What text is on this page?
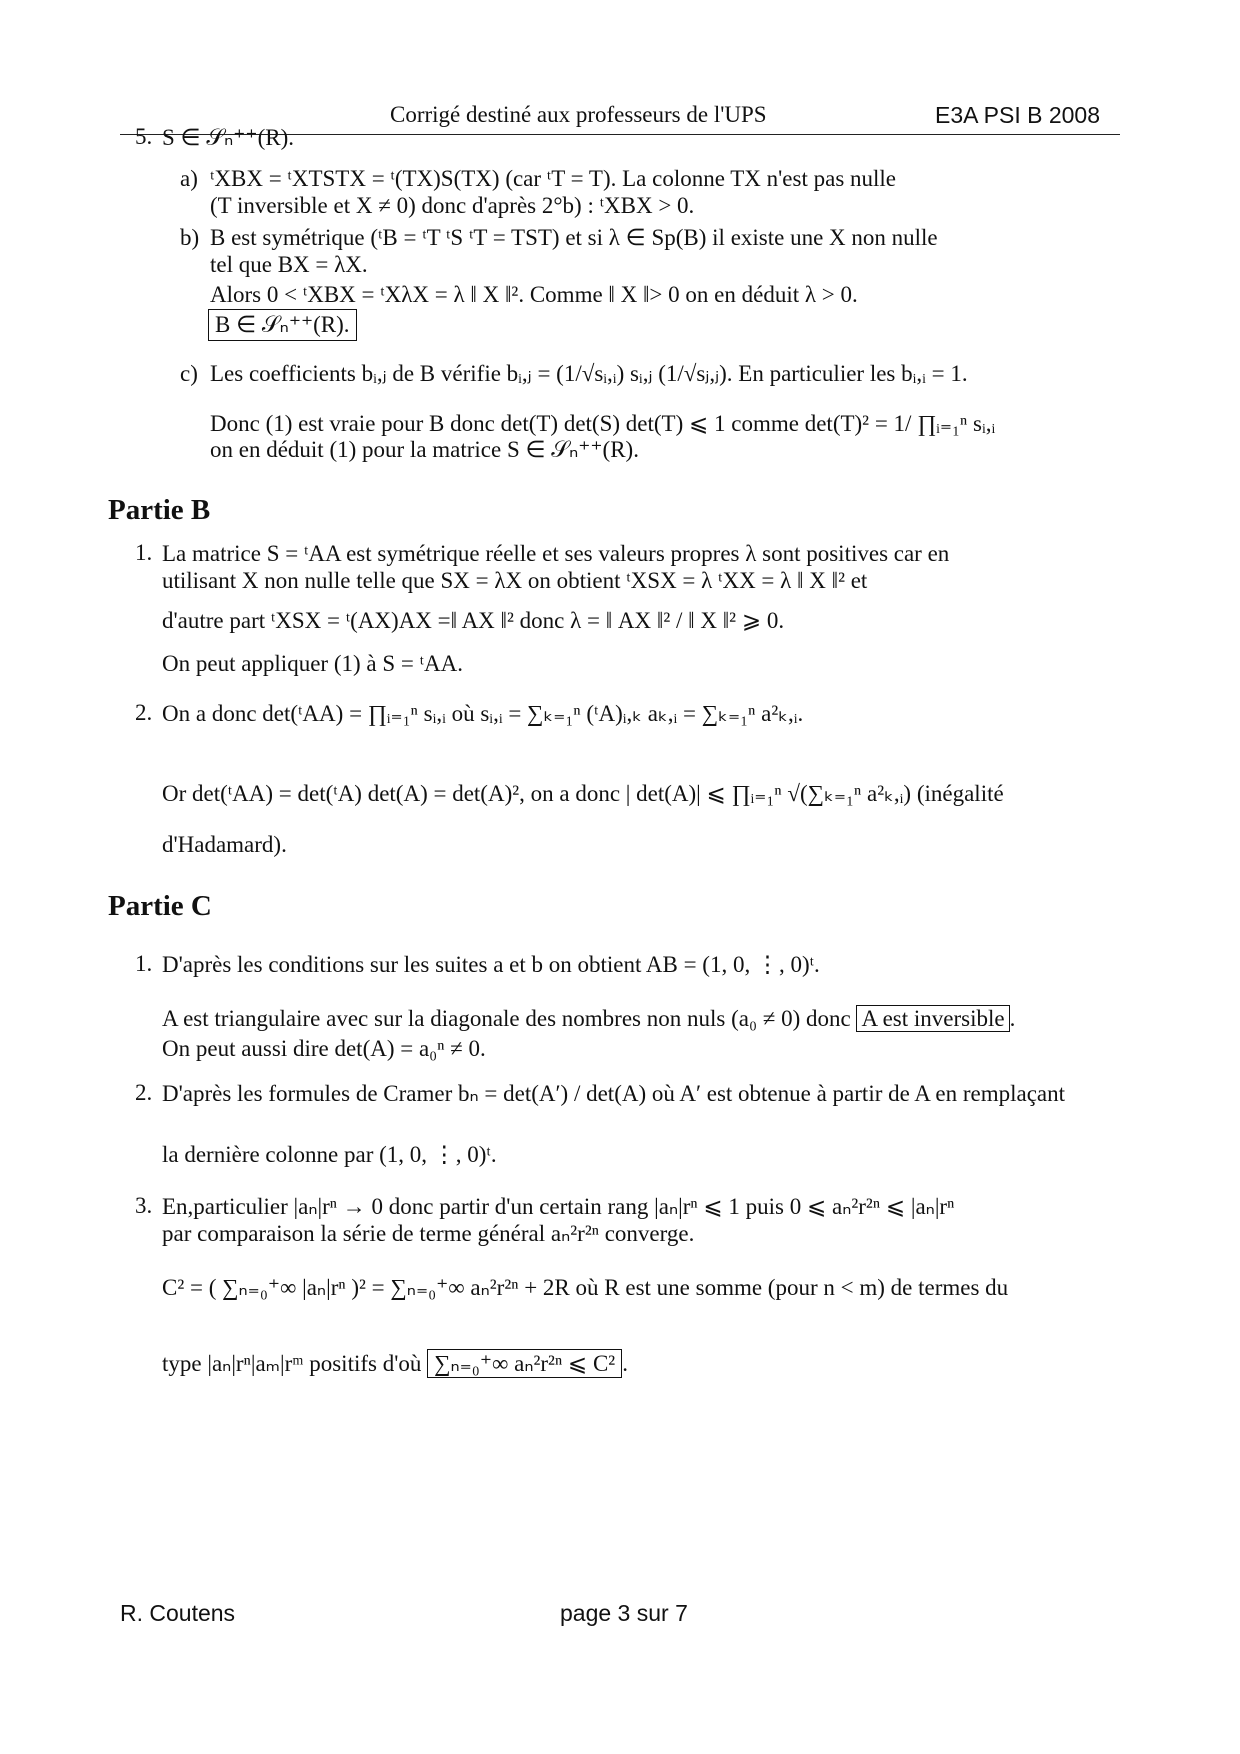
Corrigé destiné aux professeurs de l'UPS	E3A PSI B 2008
5. S ∈ 𝒮ₙ⁺⁺(R).
a) ᵗXBX = ᵗXTSTX = ᵗ(TX)S(TX) (car ᵗT = T). La colonne TX n'est pas nulle
(T inversible et X ≠ 0) donc d'après 2°b) : ᵗXBX > 0.
b) B est symétrique (ᵗB = ᵗT ᵗS ᵗT = TST) et si λ ∈ Sp(B) il existe une X non nulle
tel que BX = λX.
Alors 0 < ᵗXBX = ᵗXλX = λ ‖ X ‖². Comme ‖ X ‖> 0 on en déduit λ > 0.
B ∈ 𝒮ₙ⁺⁺(R).
c) Les coefficients bᵢ,ⱼ de B vérifie bᵢ,ⱼ = (1/√sᵢ,ᵢ) sᵢ,ⱼ (1/√sⱼ,ⱼ). En particulier les bᵢ,ᵢ = 1.
Donc (1) est vraie pour B donc det(T) det(S) det(T) ⩽ 1 comme det(T)² = 1/ ∏ᵢ₌₁ⁿ sᵢ,ᵢ
on en déduit (1) pour la matrice S ∈ 𝒮ₙ⁺⁺(R).
Partie B
1. La matrice S = ᵗAA est symétrique réelle et ses valeurs propres λ sont positives car en
utilisant X non nulle telle que SX = λX on obtient ᵗXSX = λ ᵗXX = λ ‖ X ‖² et
d'autre part ᵗXSX = ᵗ(AX)AX =‖ AX ‖² donc λ = ‖ AX ‖² / ‖ X ‖² ⩾ 0.
On peut appliquer (1) à S = ᵗAA.
2. On a donc det(ᵗAA) = ∏ᵢ₌₁ⁿ sᵢ,ᵢ où sᵢ,ᵢ = ∑ₖ₌₁ⁿ (ᵗA)ᵢ,ₖ aₖ,ᵢ = ∑ₖ₌₁ⁿ a²ₖ,ᵢ.
Or det(ᵗAA) = det(ᵗA) det(A) = det(A)², on a donc | det(A)| ⩽ ∏ᵢ₌₁ⁿ √(∑ₖ₌₁ⁿ a²ₖ,ᵢ) (inégalité
d'Hadamard).
Partie C
1. D'après les conditions sur les suites a et b on obtient AB = (1, 0, ⋮, 0)ᵗ.
A est triangulaire avec sur la diagonale des nombres non nuls (a₀ ≠ 0) donc A est inversible .
On peut aussi dire det(A) = a₀ⁿ ≠ 0.
2. D'après les formules de Cramer bₙ = det(A′) / det(A) où A′ est obtenue à partir de A en remplaçant
la dernière colonne par (1, 0, ⋮, 0)ᵗ.
3. En,particulier |aₙ|rⁿ → 0 donc partir d'un certain rang |aₙ|rⁿ ⩽ 1 puis 0 ⩽ aₙ²r²ⁿ ⩽ |aₙ|rⁿ
par comparaison la série de terme général aₙ²r²ⁿ converge.
C² = ( ∑ₙ₌₀⁺∞ |aₙ|rⁿ )² = ∑ₙ₌₀⁺∞ aₙ²r²ⁿ + 2R où R est une somme (pour n < m) de termes du
type |aₙ|rⁿ|aₘ|rᵐ positifs d'où ∑ₙ₌₀⁺∞ aₙ²r²ⁿ ⩽ C² .
R. Coutens	page 3 sur 7
